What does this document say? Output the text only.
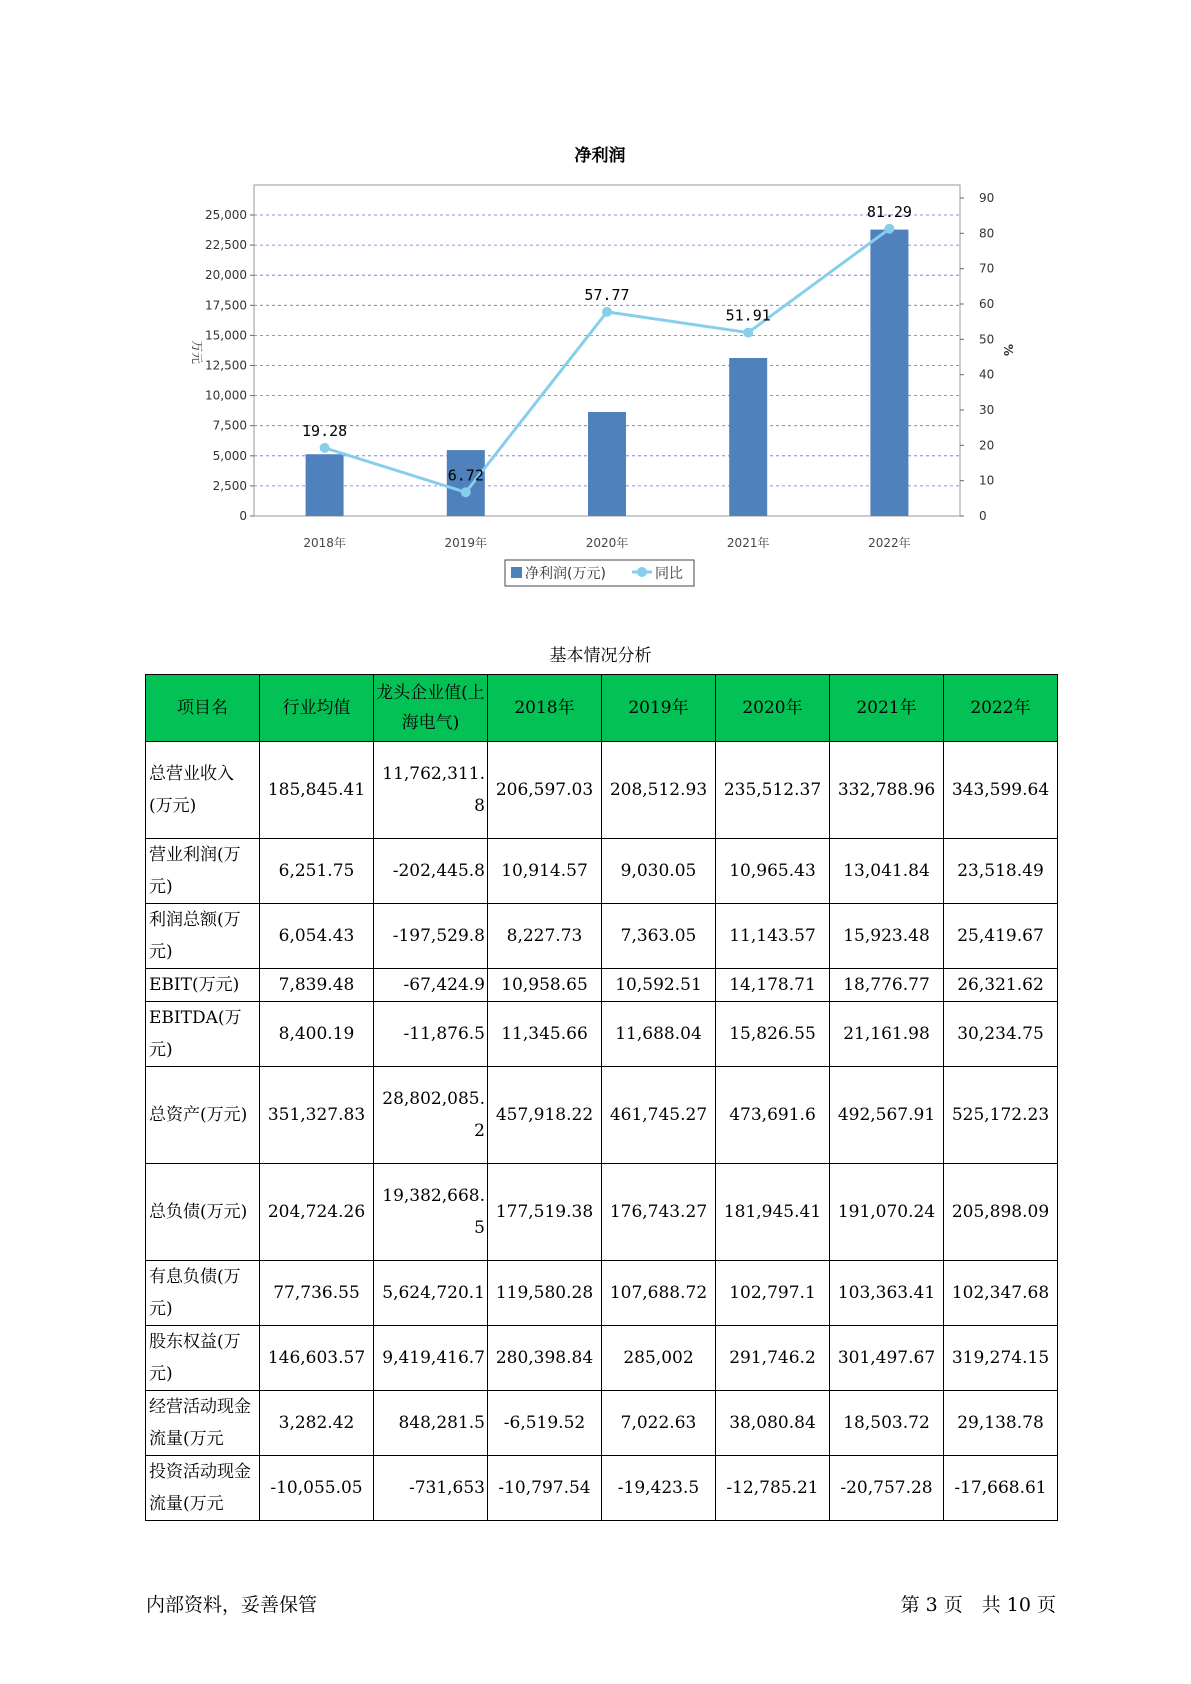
净利润
0
2,500
5,000
7,500
10,000
12,500
15,000
17,500
20,000
22,500
25,000
0
10
20
30
40
50
60
70
80
90
19.28
6.72
57.77
51.91
81.29
2018年	2019年	2020年	2021年	2022年
万元	%
净利润(万元)	同比
基本情况分析
项目名	行业均值	龙头企业值(上海电气)	2018年	2019年	2020年	2021年	2022年
总营业收入(万元)	185,845.41	11,762,311.8	206,597.03	208,512.93	235,512.37	332,788.96	343,599.64
营业利润(万元)	6,251.75	-202,445.8	10,914.57	9,030.05	10,965.43	13,041.84	23,518.49
利润总额(万元)	6,054.43	-197,529.8	8,227.73	7,363.05	11,143.57	15,923.48	25,419.67
EBIT(万元)	7,839.48	-67,424.9	10,958.65	10,592.51	14,178.71	18,776.77	26,321.62
EBITDA(万元)	8,400.19	-11,876.5	11,345.66	11,688.04	15,826.55	21,161.98	30,234.75
总资产(万元)	351,327.83	28,802,085.2	457,918.22	461,745.27	473,691.6	492,567.91	525,172.23
总负债(万元)	204,724.26	19,382,668.5	177,519.38	176,743.27	181,945.41	191,070.24	205,898.09
有息负债(万元)	77,736.55	5,624,720.1	119,580.28	107,688.72	102,797.1	103,363.41	102,347.68
股东权益(万元)	146,603.57	9,419,416.7	280,398.84	285,002	291,746.2	301,497.67	319,274.15
经营活动现金流量(万元	3,282.42	848,281.5	-6,519.52	7,022.63	38,080.84	18,503.72	29,138.78
投资活动现金流量(万元	-10,055.05	-731,653	-10,797.54	-19,423.5	-12,785.21	-20,757.28	-17,668.61
内部资料，妥善保管	第 3 页　共 10 页
